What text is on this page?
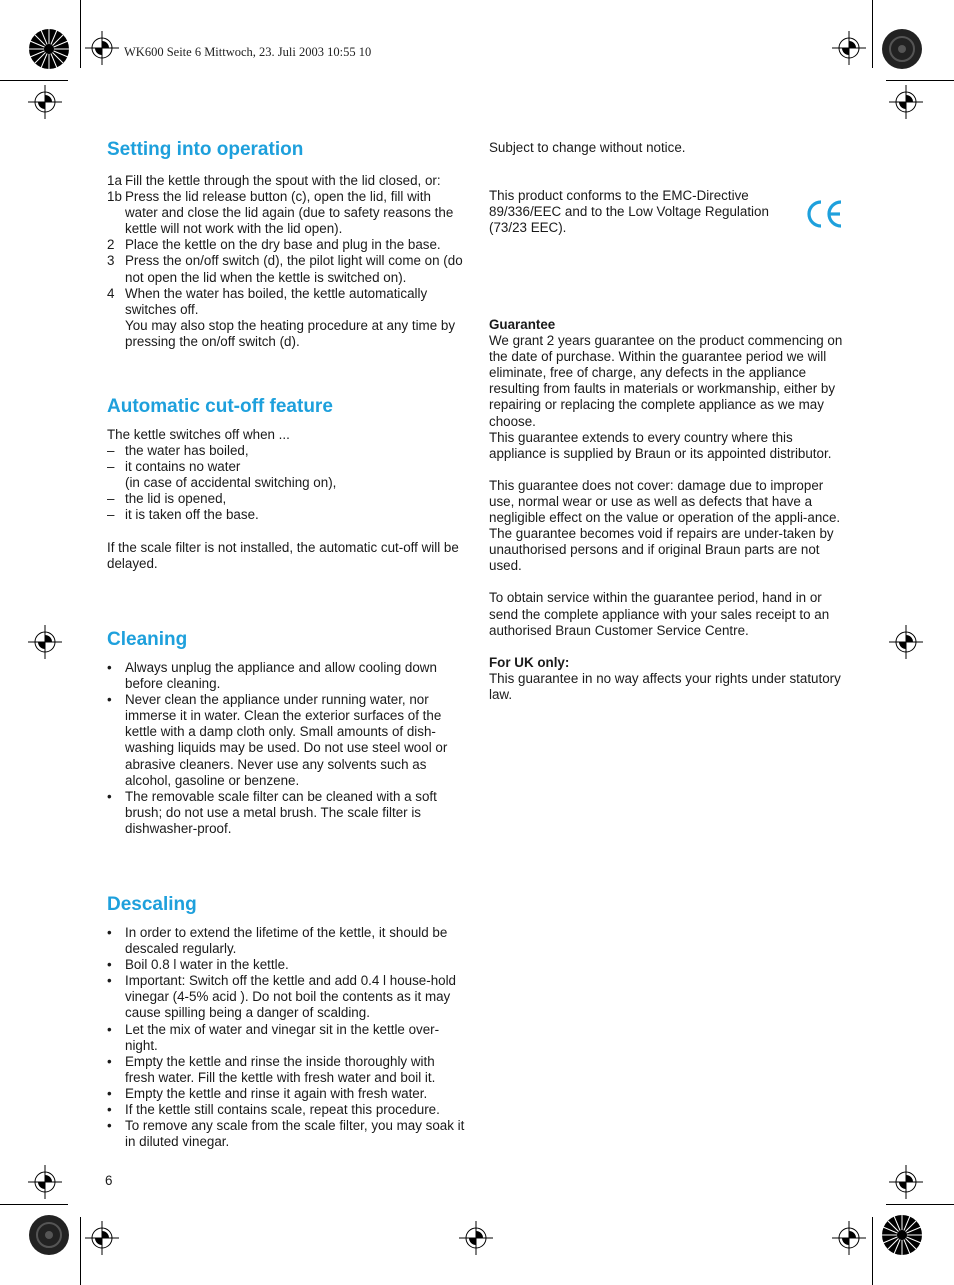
WK600 Seite 6 Mittwoch, 23. Juli 2003 10:55 10
Setting into operation
1a Fill the kettle through the spout with the lid closed, or:
1b Press the lid release button (c), open the lid, fill with water and close the lid again (due to safety reasons the kettle will not work with the lid open).
2 Place the kettle on the dry base and plug in the base.
3 Press the on/off switch (d), the pilot light will come on (do not open the lid when the kettle is switched on).
4 When the water has boiled, the kettle automatically switches off.
You may also stop the heating procedure at any time by pressing the on/off switch (d).
Automatic cut-off feature

The kettle switches off when ...

– the water has boiled,
– it contains no water
(in case of accidental switching on),
– the lid is opened,
– it is taken off the base.

If the scale filter is not installed, the automatic cut-off will be delayed.

Cleaning
• Always unplug the appliance and allow cooling down before cleaning.
• Never clean the appliance under running water, nor immerse it in water. Clean the exterior surfaces of the kettle with a damp cloth only. Small amounts of dish-washing liquids may be used. Do not use steel wool or abrasive cleaners. Never use any solvents such as alcohol, gasoline or benzene.
• The removable scale filter can be cleaned with a soft brush; do not use a metal brush. The scale filter is dishwasher-proof.
Descaling
• In order to extend the lifetime of the kettle, it should be descaled regularly.
• Boil 0.8 l water in the kettle.
• Important: Switch off the kettle and add 0.4 l house-hold vinegar (4-5% acid ). Do not boil the contents as it may cause spilling being a danger of scalding.
• Let the mix of water and vinegar sit in the kettle over-night.
• Empty the kettle and rinse the inside thoroughly with fresh water. Fill the kettle with fresh water and boil it.
• Empty the kettle and rinse it again with fresh water.
• If the kettle still contains scale, repeat this procedure.
• To remove any scale from the scale filter, you may soak it in diluted vinegar.
6

Subject to change without notice.

This product conforms to the EMC-Directive 89/336/EEC and to the Low Voltage Regulation (73/23 EEC).

Guarantee

We grant 2 years guarantee on the product commencing on the date of purchase. Within the guarantee period we will eliminate, free of charge, any defects in the appliance resulting from faults in materials or workmanship, either by repairing or replacing the complete appliance as we may choose.

This guarantee extends to every country where this appliance is supplied by Braun or its appointed distributor.

This guarantee does not cover: damage due to improper use, normal wear or use as well as defects that have a negligible effect on the value or operation of the appli-ance. The guarantee becomes void if repairs are under-taken by unauthorised persons and if original Braun parts are not used.

To obtain service within the guarantee period, hand in or send the complete appliance with your sales receipt to an authorised Braun Customer Service Centre.

For UK only:

This guarantee in no way affects your rights under statutory law.
